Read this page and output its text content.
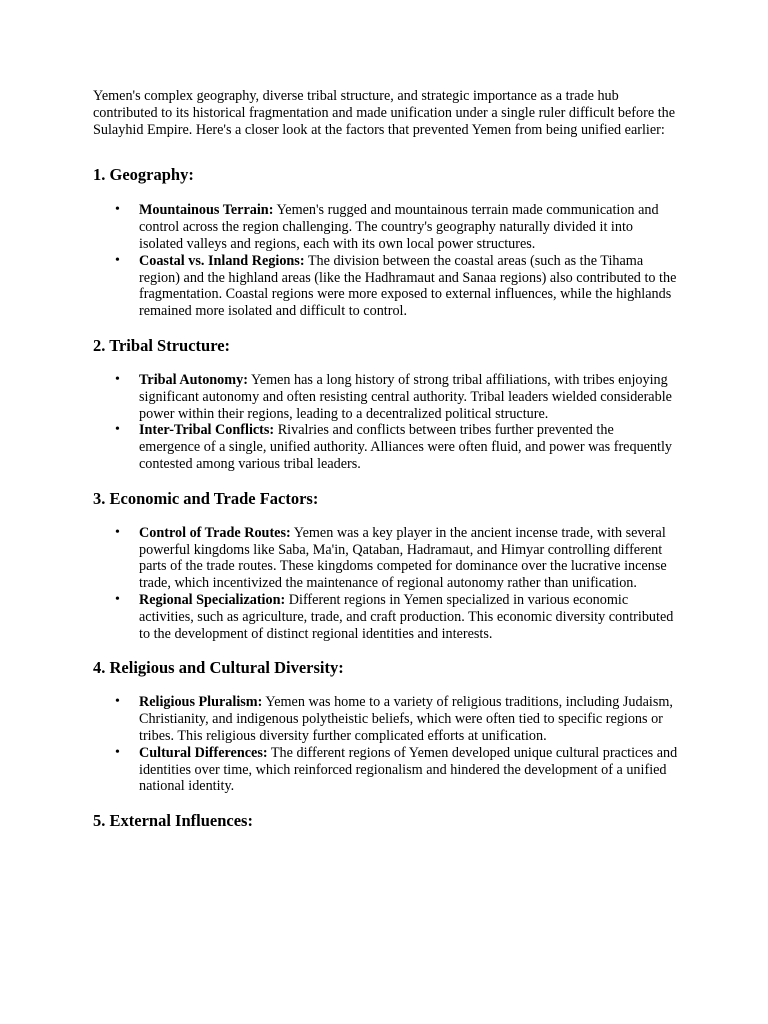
Yemen's complex geography, diverse tribal structure, and strategic importance as a trade hub contributed to its historical fragmentation and made unification under a single ruler difficult before the Sulayhid Empire. Here's a closer look at the factors that prevented Yemen from being unified earlier:

1. Geography:
• Mountainous Terrain: Yemen's rugged and mountainous terrain made communication and control across the region challenging. The country's geography naturally divided it into isolated valleys and regions, each with its own local power structures.
• Coastal vs. Inland Regions: The division between the coastal areas (such as the Tihama region) and the highland areas (like the Hadhramaut and Sanaa regions) also contributed to the fragmentation. Coastal regions were more exposed to external influences, while the highlands remained more isolated and difficult to control.
2. Tribal Structure:
• Tribal Autonomy: Yemen has a long history of strong tribal affiliations, with tribes enjoying significant autonomy and often resisting central authority. Tribal leaders wielded considerable power within their regions, leading to a decentralized political structure.
• Inter-Tribal Conflicts: Rivalries and conflicts between tribes further prevented the emergence of a single, unified authority. Alliances were often fluid, and power was frequently contested among various tribal leaders.
3. Economic and Trade Factors:
• Control of Trade Routes: Yemen was a key player in the ancient incense trade, with several powerful kingdoms like Saba, Ma'in, Qataban, Hadramaut, and Himyar controlling different parts of the trade routes. These kingdoms competed for dominance over the lucrative incense trade, which incentivized the maintenance of regional autonomy rather than unification.
• Regional Specialization: Different regions in Yemen specialized in various economic activities, such as agriculture, trade, and craft production. This economic diversity contributed to the development of distinct regional identities and interests.
4. Religious and Cultural Diversity:
• Religious Pluralism: Yemen was home to a variety of religious traditions, including Judaism, Christianity, and indigenous polytheistic beliefs, which were often tied to specific regions or tribes. This religious diversity further complicated efforts at unification.
• Cultural Differences: The different regions of Yemen developed unique cultural practices and identities over time, which reinforced regionalism and hindered the development of a unified national identity.
5. External Influences:
